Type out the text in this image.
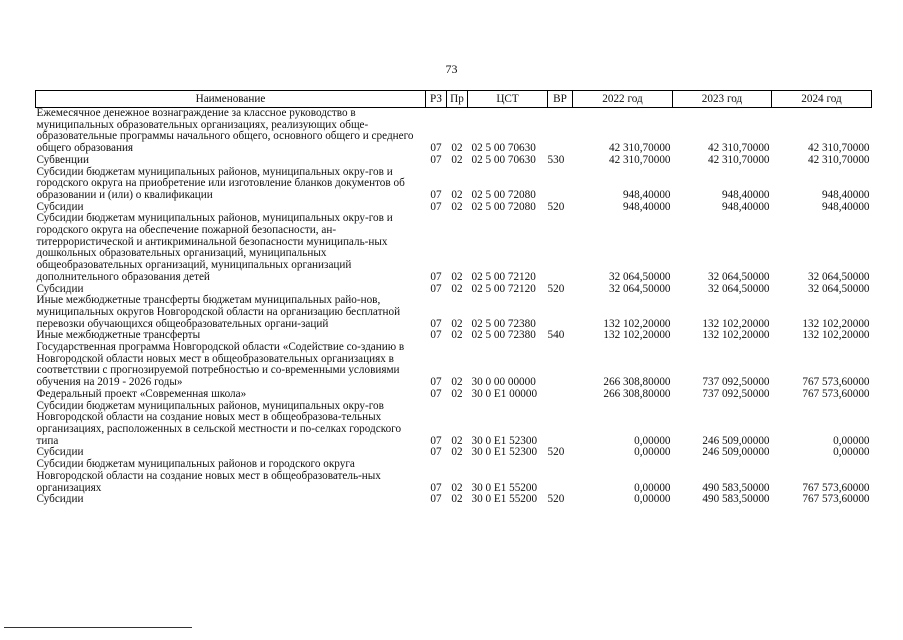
73
Наименование	РЗ	Пр	ЦСТ	ВР	2022 год	2023 год	2024 год
Ежемесячное денежное вознаграждение за классное руководство в муниципальных образовательных организациях, реализующих обще-образовательные программы начального общего, основного общего и среднего общего образования	07	02	02 5 00 70630		42 310,70000	42 310,70000	42 310,70000
Субвенции	07	02	02 5 00 70630	530	42 310,70000	42 310,70000	42 310,70000
Субсидии бюджетам муниципальных районов, муниципальных окру-гов и городского округа на приобретение или изготовление бланков документов об образовании и (или) о квалификации	07	02	02 5 00 72080		948,40000	948,40000	948,40000
Субсидии	07	02	02 5 00 72080	520	948,40000	948,40000	948,40000
Субсидии бюджетам муниципальных районов, муниципальных окру-гов и городского округа на обеспечение пожарной безопасности, ан-титеррористической и антикриминальной безопасности муниципаль-ных дошкольных образовательных организаций, муниципальных общеобразовательных организаций, муниципальных организаций дополнительного образования детей	07	02	02 5 00 72120		32 064,50000	32 064,50000	32 064,50000
Субсидии	07	02	02 5 00 72120	520	32 064,50000	32 064,50000	32 064,50000
Иные межбюджетные трансферты бюджетам муниципальных райо-нов, муниципальных округов Новгородской области на организацию бесплатной перевозки обучающихся общеобразовательных органи-заций	07	02	02 5 00 72380		132 102,20000	132 102,20000	132 102,20000
Иные межбюджетные трансферты	07	02	02 5 00 72380	540	132 102,20000	132 102,20000	132 102,20000
Государственная программа Новгородской области «Содействие со-зданию в Новгородской области новых мест в общеобразовательных организациях в соответствии с прогнозируемой потребностью и со-временными условиями обучения на 2019 - 2026 годы»	07	02	30 0 00 00000		266 308,80000	737 092,50000	767 573,60000
Федеральный проект «Современная школа»	07	02	30 0 E1 00000		266 308,80000	737 092,50000	767 573,60000
Субсидии бюджетам муниципальных районов, муниципальных окру-гов Новгородской области на создание новых мест в общеобразова-тельных организациях, расположенных в сельской местности и по-селках городского типа	07	02	30 0 E1 52300		0,00000	246 509,00000	0,00000
Субсидии	07	02	30 0 E1 52300	520	0,00000	246 509,00000	0,00000
Субсидии бюджетам муниципальных районов и городского округа Новгородской области на создание новых мест в общеобразователь-ных организациях	07	02	30 0 E1 55200		0,00000	490 583,50000	767 573,60000
Субсидии	07	02	30 0 E1 55200	520	0,00000	490 583,50000	767 573,60000
